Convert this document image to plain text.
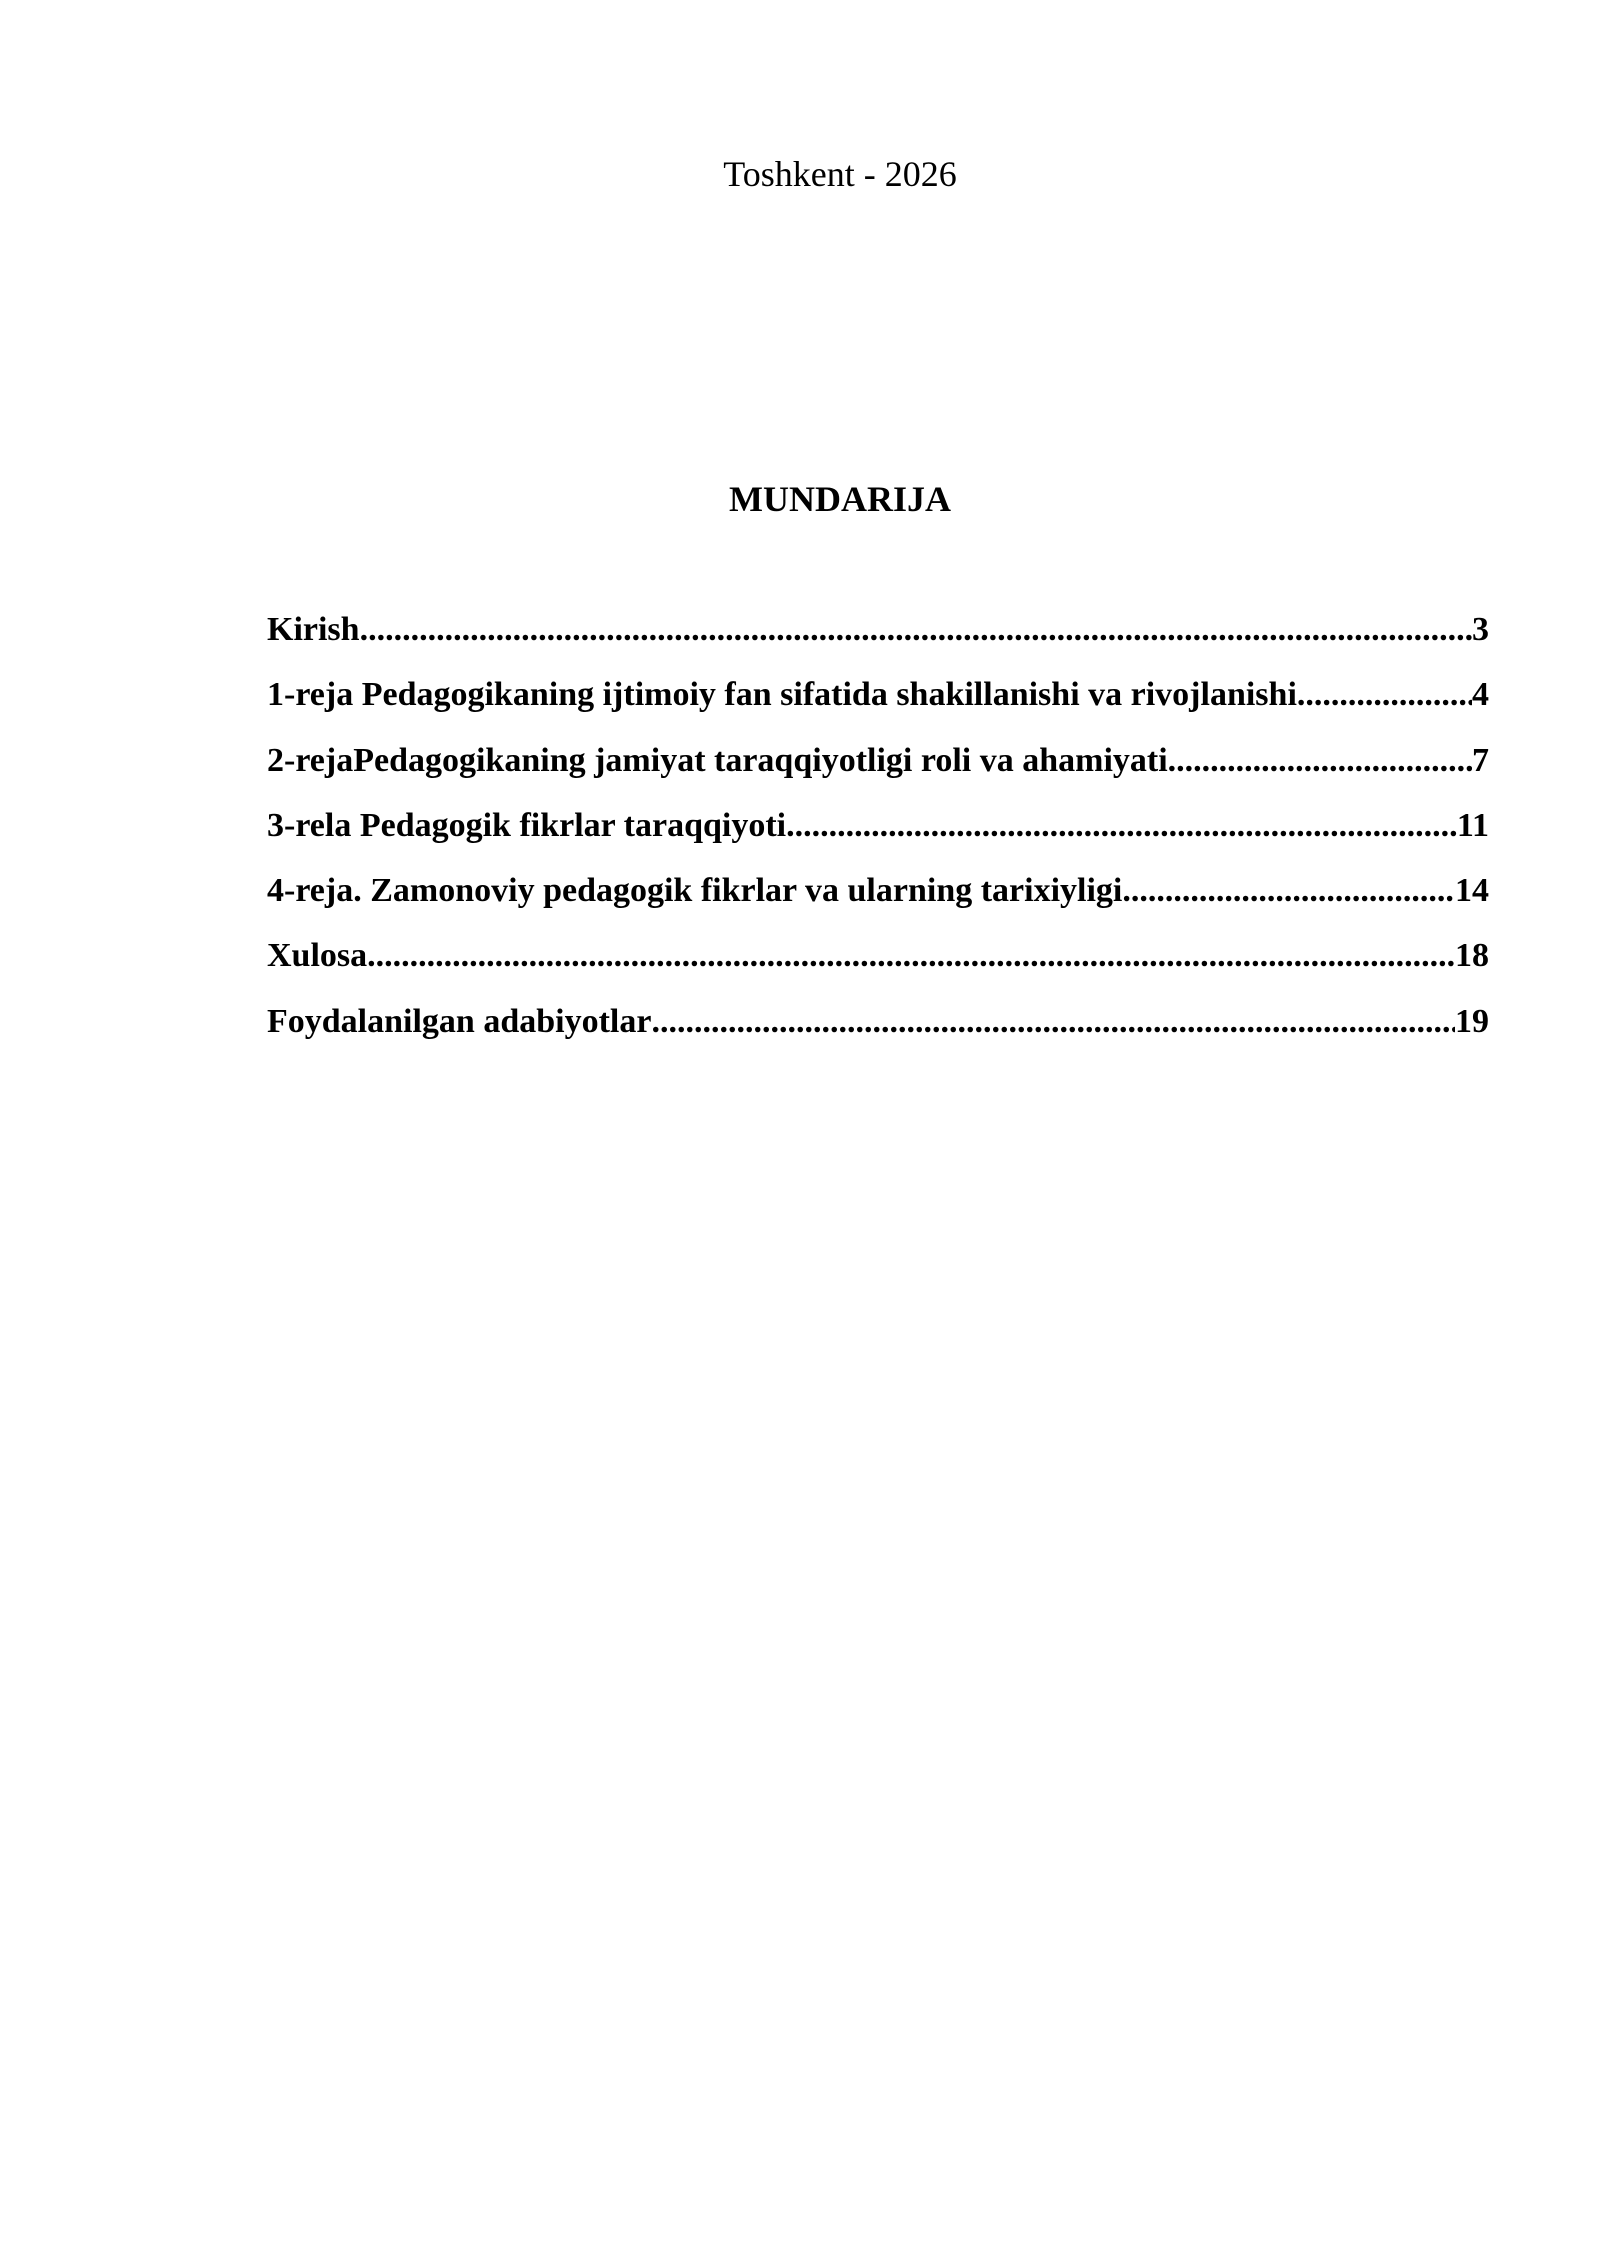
Toshkent - 2026
MUNDARIJA
Kirish .....	3
1-reja Pedagogikaning ijtimoiy fan sifatida shakillanishi va rivojlanishi .....	4
2-rejaPedagogikaning jamiyat taraqqiyotligi roli va ahamiyati .....	7
3-rela Pedagogik fikrlar taraqqiyoti .....	11
4-reja. Zamonoviy pedagogik fikrlar va ularning tarixiyligi .....	14
Xulosa .....	18
Foydalanilgan adabiyotlar .....	19
